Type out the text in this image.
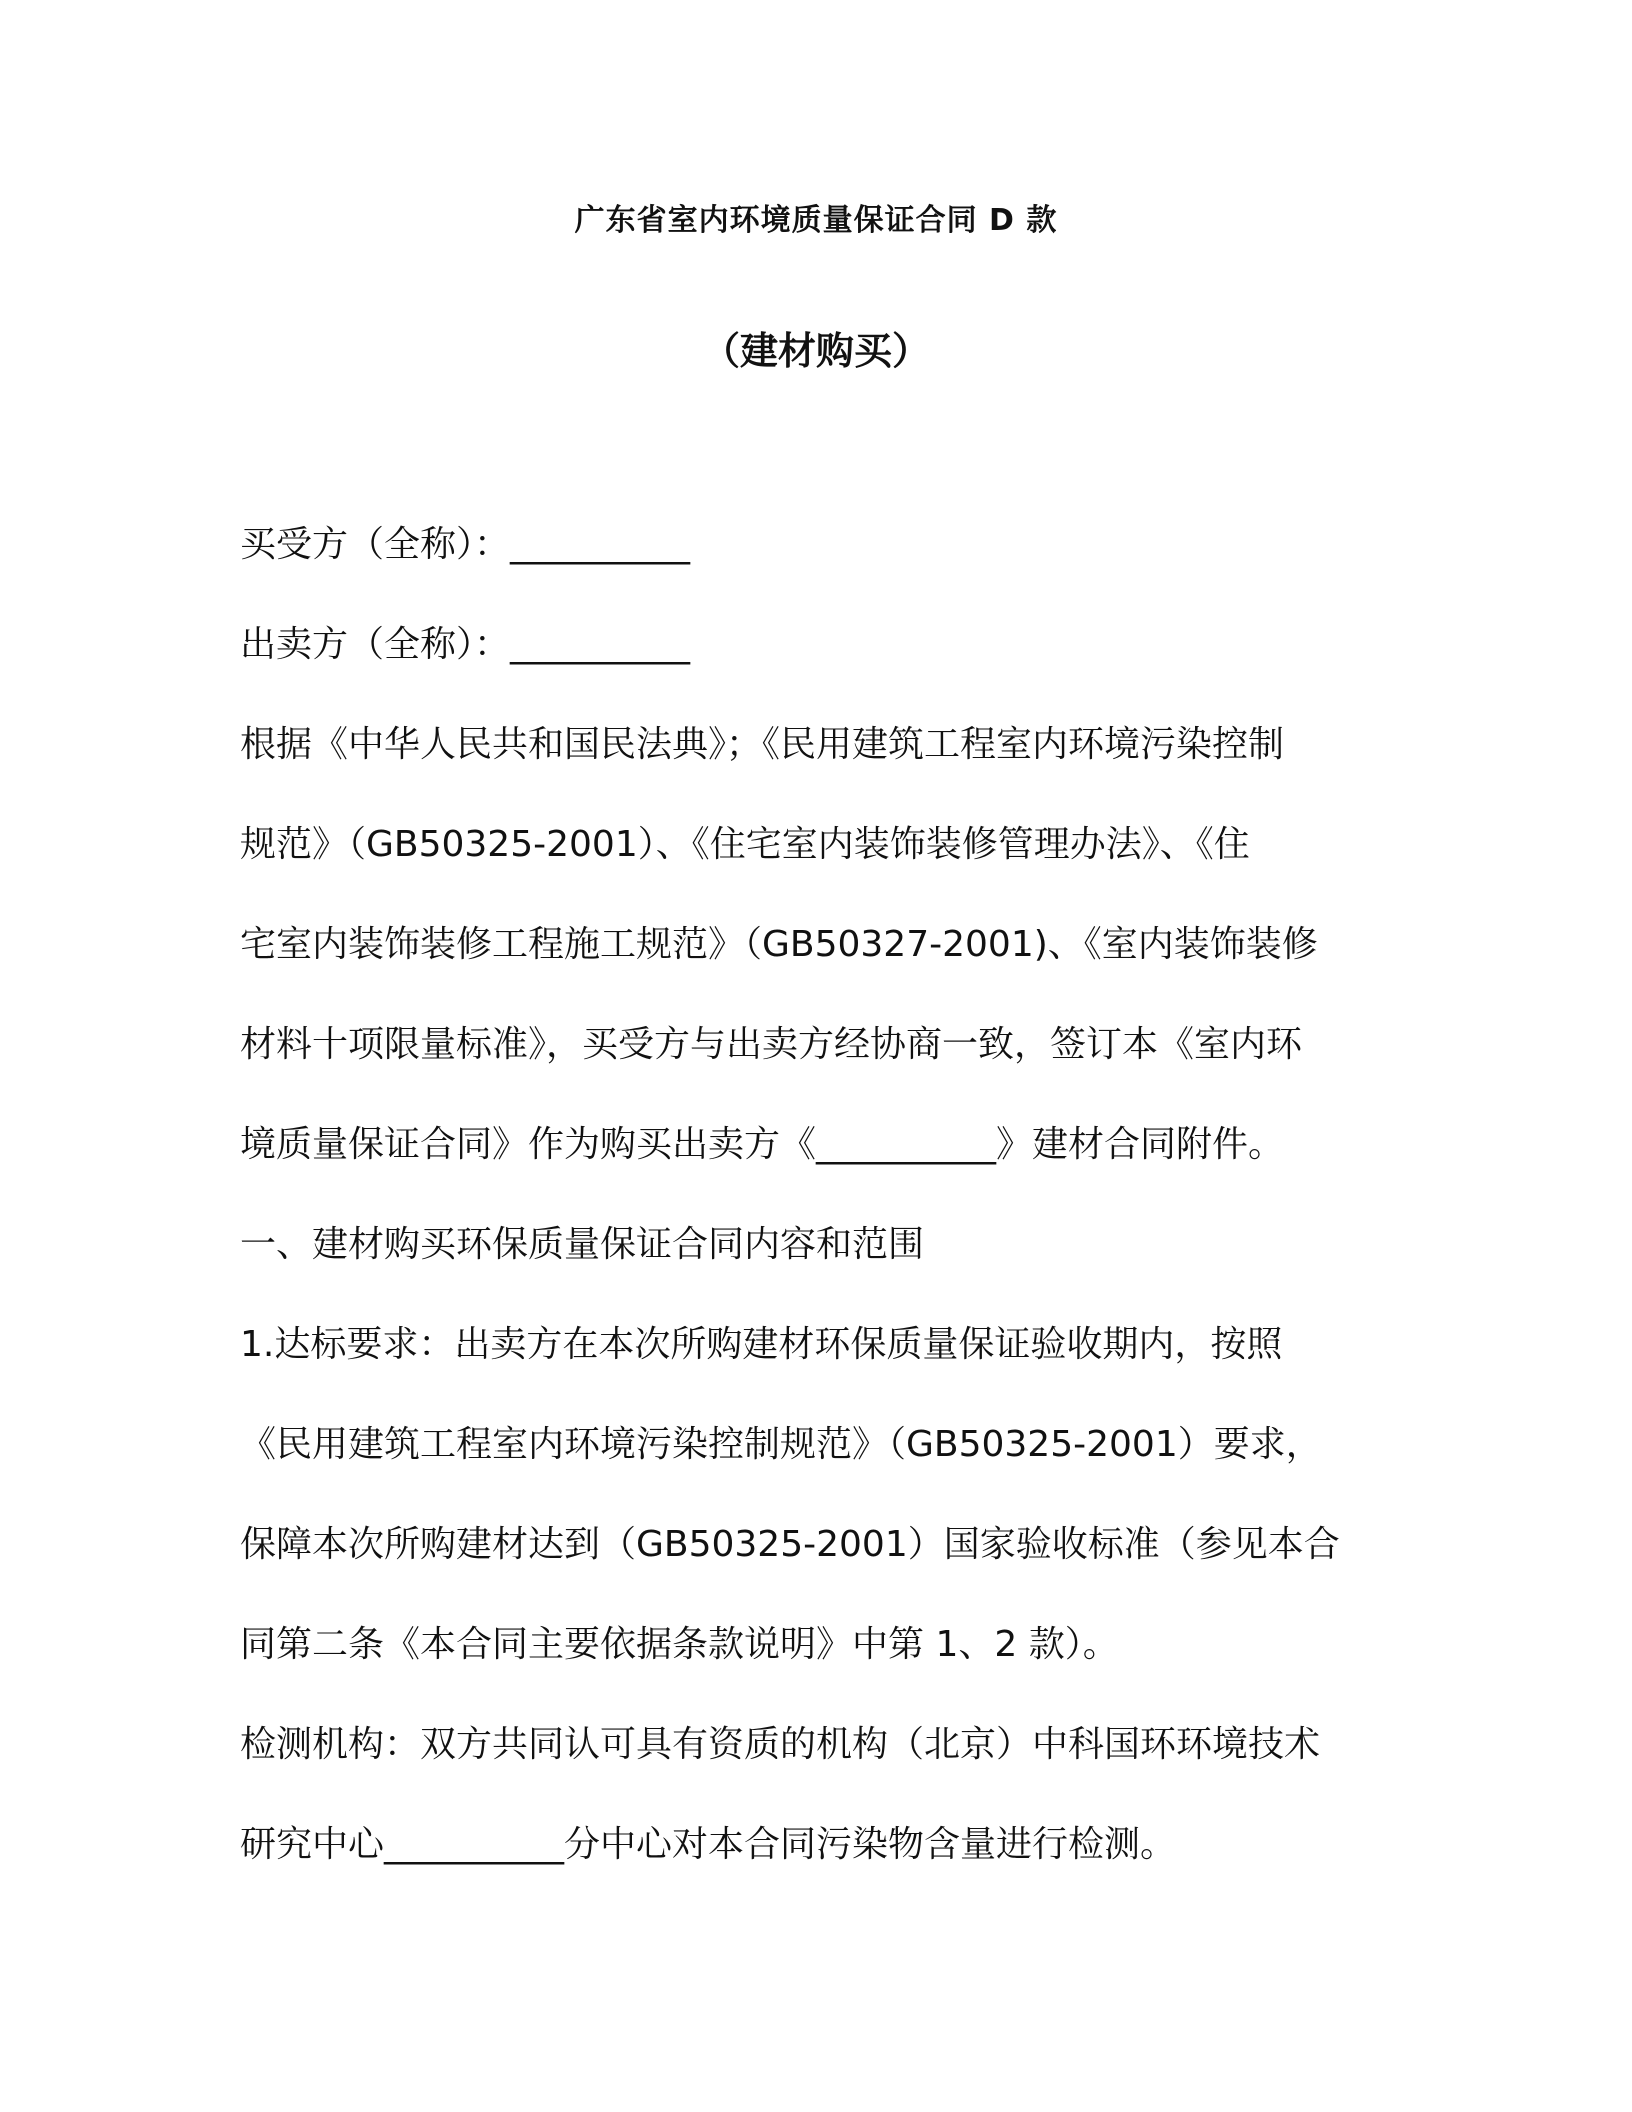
广东省室内环境质量保证合同 D 款
（建材购买）
买受方（全称）：__________
出卖方（全称）：__________
根据《中华人民共和国民法典》；《民用建筑工程室内环境污染控制
规范》（GB50325-2001）、《住宅室内装饰装修管理办法》、《住
宅室内装饰装修工程施工规范》（GB50327-2001)、《室内装饰装修
材料十项限量标准》，买受方与出卖方经协商一致，签订本《室内环
境质量保证合同》作为购买出卖方《__________》建材合同附件。
一、建材购买环保质量保证合同内容和范围
1.达标要求：出卖方在本次所购建材环保质量保证验收期内，按照
《民用建筑工程室内环境污染控制规范》（GB50325-2001）要求，
保障本次所购建材达到（GB50325-2001）国家验收标准（参见本合
同第二条《本合同主要依据条款说明》中第 1、2 款）。
检测机构：双方共同认可具有资质的机构（北京）中科国环环境技术
研究中心__________分中心对本合同污染物含量进行检测。
